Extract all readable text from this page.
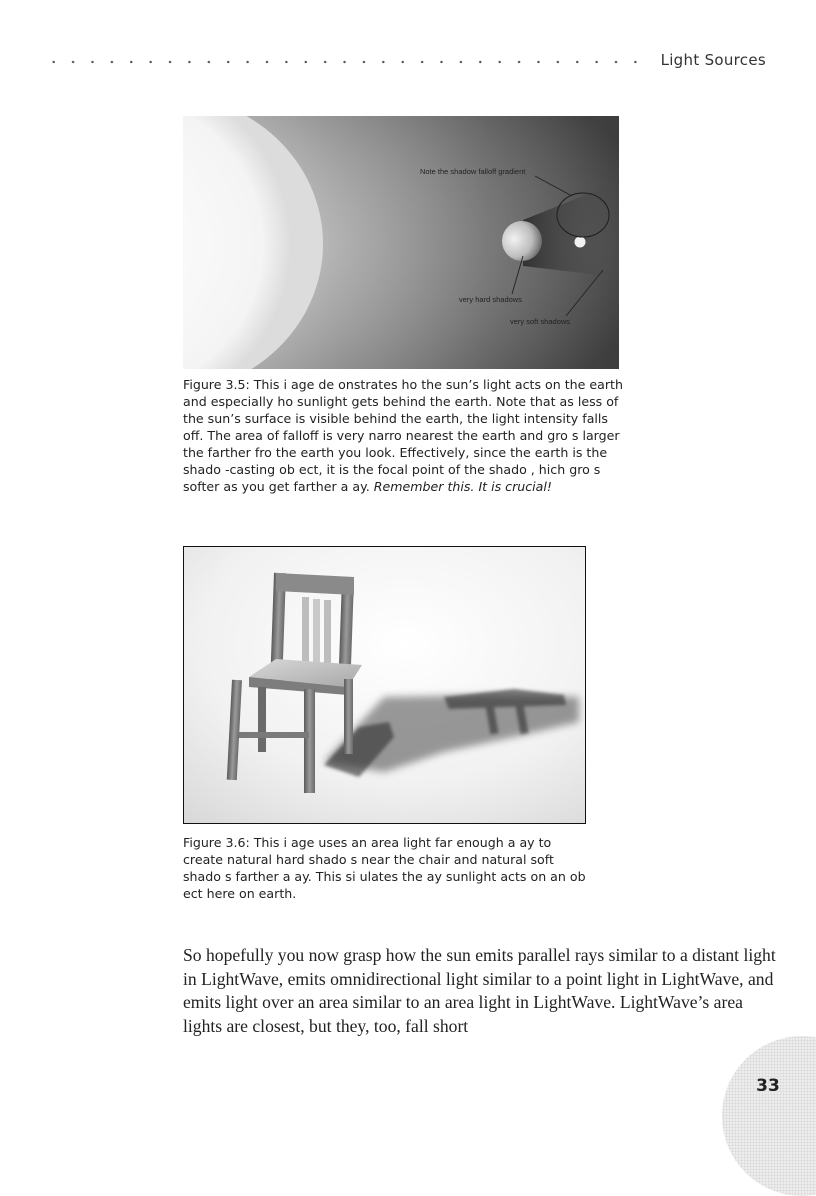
Light Sources
Note the shadow falloff gradient
very hard shadows
very soft shadows

Figure 3.5: This i age de onstrates ho the sun’s light acts on the earth and especially ho sunlight gets behind the earth. Note that as less of the sun’s surface is visible behind the earth, the light intensity falls off. The area of falloff is very narro nearest the earth and gro s larger the farther fro the earth you look. Effectively, since the earth is the shado -casting ob ect, it is the focal point of the shado , hich gro s softer as you get farther a ay. Remember this. It is crucial!

Figure 3.6: This i age uses an area light far enough a ay to create natural hard shado s near the chair and natural soft shado s farther a ay. This si ulates the ay sunlight acts on an ob ect here on earth.

So hopefully you now grasp how the sun emits parallel rays similar to a distant light in LightWave, emits omnidirectional light similar to a point light in LightWave, and emits light over an area similar to an area light in LightWave. LightWave’s area lights are closest, but they, too, fall short

33
